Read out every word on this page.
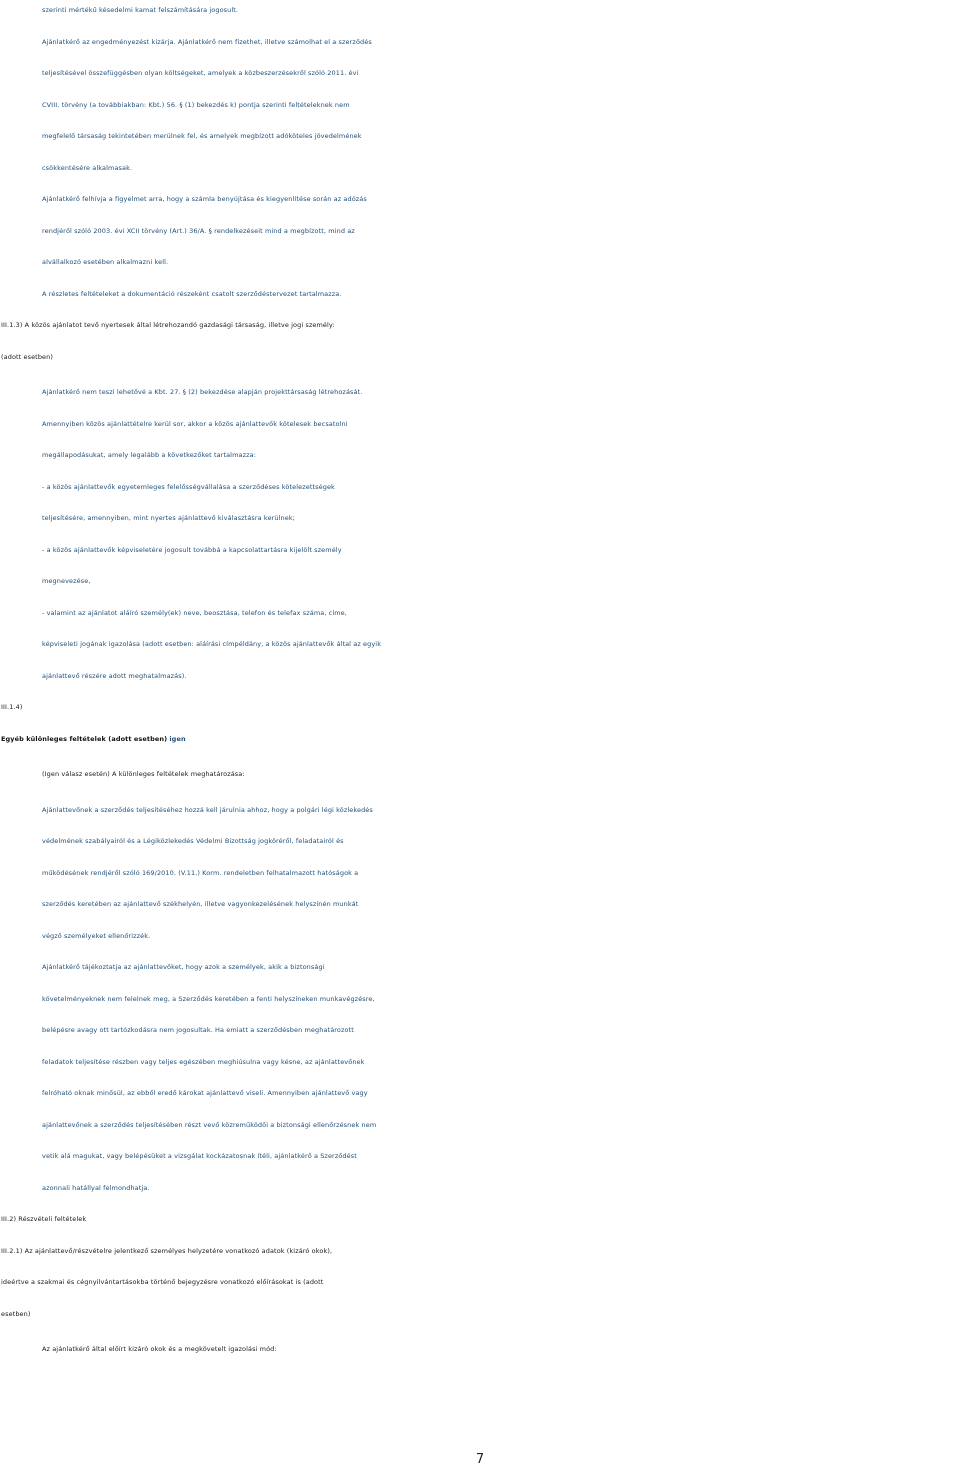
szerinti mértékű késedelmi kamat felszámítására jogosult.
Ajánlatkérő az engedményezést kizárja. Ajánlatkérő nem fizethet, illetve számolhat el a szerződés
teljesítésével összefüggésben olyan költségeket, amelyek a közbeszerzésekről szóló 2011. évi
CVIII. törvény (a továbbiakban: Kbt.) 56. § (1) bekezdés k) pontja szerinti feltételeknek nem
megfelelő társaság tekintetében merülnek fel, és amelyek megbízott adóköteles jövedelmének
csökkentésére alkalmasak.
Ajánlatkérő felhívja a figyelmet arra, hogy a számla benyújtása és kiegyenlítése során az adózás
rendjéről szóló 2003. évi XCII törvény (Art.) 36/A. § rendelkezéseit mind a megbízott, mind az
alvállalkozó esetében alkalmazni kell.
A részletes feltételeket a dokumentáció részeként csatolt szerződéstervezet tartalmazza.
III.1.3) A közös ajánlatot tevő nyertesek által létrehozandó gazdasági társaság, illetve jogi személy:
(adott esetben)
Ajánlatkérő nem teszi lehetővé a Kbt. 27. § (2) bekezdése alapján projekttársaság létrehozását.
Amennyiben közös ajánlattételre kerül sor, akkor a közös ajánlattevők kötelesek becsatolni
megállapodásukat, amely legalább a következőket tartalmazza:
- a közös ajánlattevők egyetemleges felelősségvállalása a szerződéses kötelezettségek
teljesítésére, amennyiben, mint nyertes ajánlattevő kiválasztásra kerülnek;
- a közös ajánlattevők képviseletére jogosult továbbá a kapcsolattartásra kijelölt személy
megnevezése,
- valamint az ajánlatot aláíró személy(ek) neve, beosztása, telefon és telefax száma, címe,
képviseleti jogának igazolása (adott esetben: aláírási címpéldány, a közös ajánlattevők által az egyik
ajánlattevő részére adott meghatalmazás).
III.1.4)
Egyéb különleges feltételek (adott esetben) igen
(Igen válasz esetén) A különleges feltételek meghatározása:
Ajánlattevőnek a szerződés teljesítéséhez hozzá kell járulnia ahhoz, hogy a polgári légi közlekedés
védelmének szabályairól és a Légiközlekedés Védelmi Bizottság jogköréről, feladatairól és
működésének rendjéről szóló 169/2010. (V.11.) Korm. rendeletben felhatalmazott hatóságok a
szerződés keretében az ajánlattevő székhelyén, illetve vagyonkezelésének helyszínén munkát
végző személyeket ellenőrizzék.
Ajánlatkérő tájékoztatja az ajánlattevőket, hogy azok a személyek, akik a biztonsági
követelményeknek nem felelnek meg, a Szerződés keretében a fenti helyszíneken munkavégzésre,
belépésre avagy ott tartózkodásra nem jogosultak. Ha emiatt a szerződésben meghatározott
feladatok teljesítése részben vagy teljes egészében meghiúsulna vagy késne, az ajánlattevőnek
felróható oknak minősül, az ebből eredő károkat ajánlattevő viseli. Amennyiben ajánlattevő vagy
ajánlattevőnek a szerződés teljesítésében részt vevő közreműködői a biztonsági ellenőrzésnek nem
vetik alá magukat, vagy belépésüket a vizsgálat kockázatosnak ítéli, ajánlatkérő a Szerződést
azonnali hatállyal felmondhatja.
III.2) Részvételi feltételek
III.2.1) Az ajánlattevő/részvételre jelentkező személyes helyzetére vonatkozó adatok (kizáró okok),
ideértve a szakmai és cégnyilvántartásokba történő bejegyzésre vonatkozó előírásokat is (adott
esetben)
Az ajánlatkérő által előírt kizáró okok és a megkövetelt igazolási mód:
7
